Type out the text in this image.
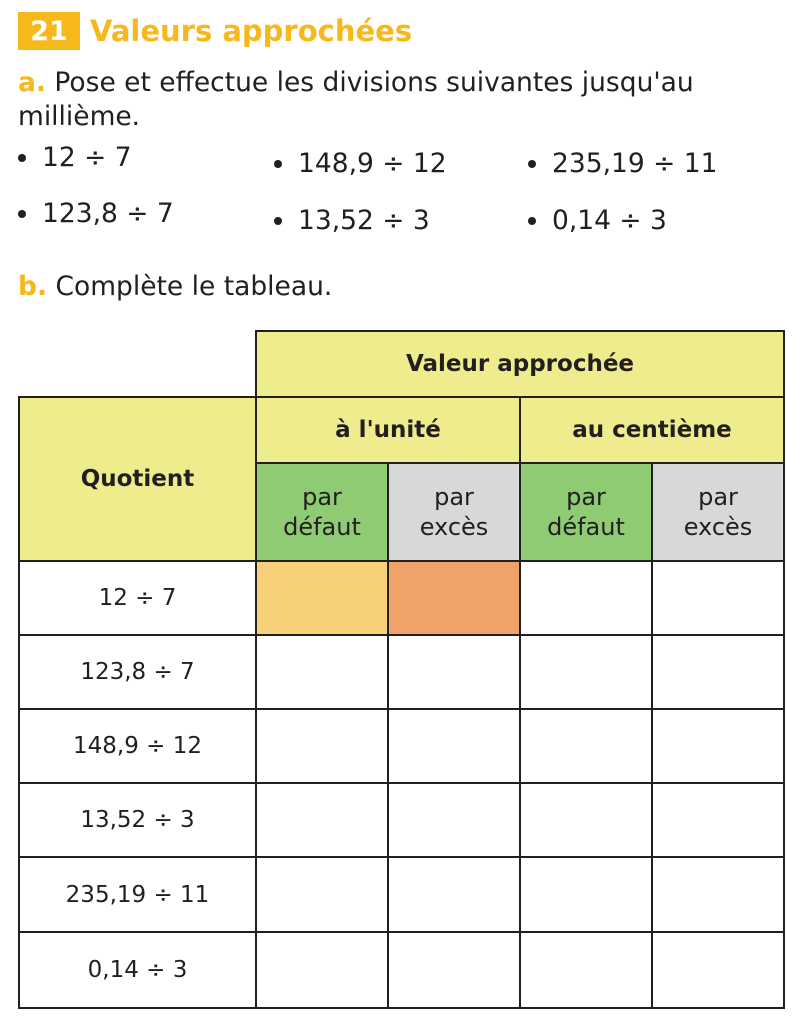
21 Valeurs approchées
a. Pose et effectue les divisions suivantes jusqu'au millième.
12 ÷ 7
123,8 ÷ 7
148,9 ÷ 12
13,52 ÷ 3
235,19 ÷ 11
0,14 ÷ 3
b. Complète le tableau.
Valeur approchée
Quotient
à l'unité	au centième
par
défaut
par
excès
par
défaut
par
excès
12 ÷ 7
123,8 ÷ 7
148,9 ÷ 12
13,52 ÷ 3
235,19 ÷ 11
0,14 ÷ 3
